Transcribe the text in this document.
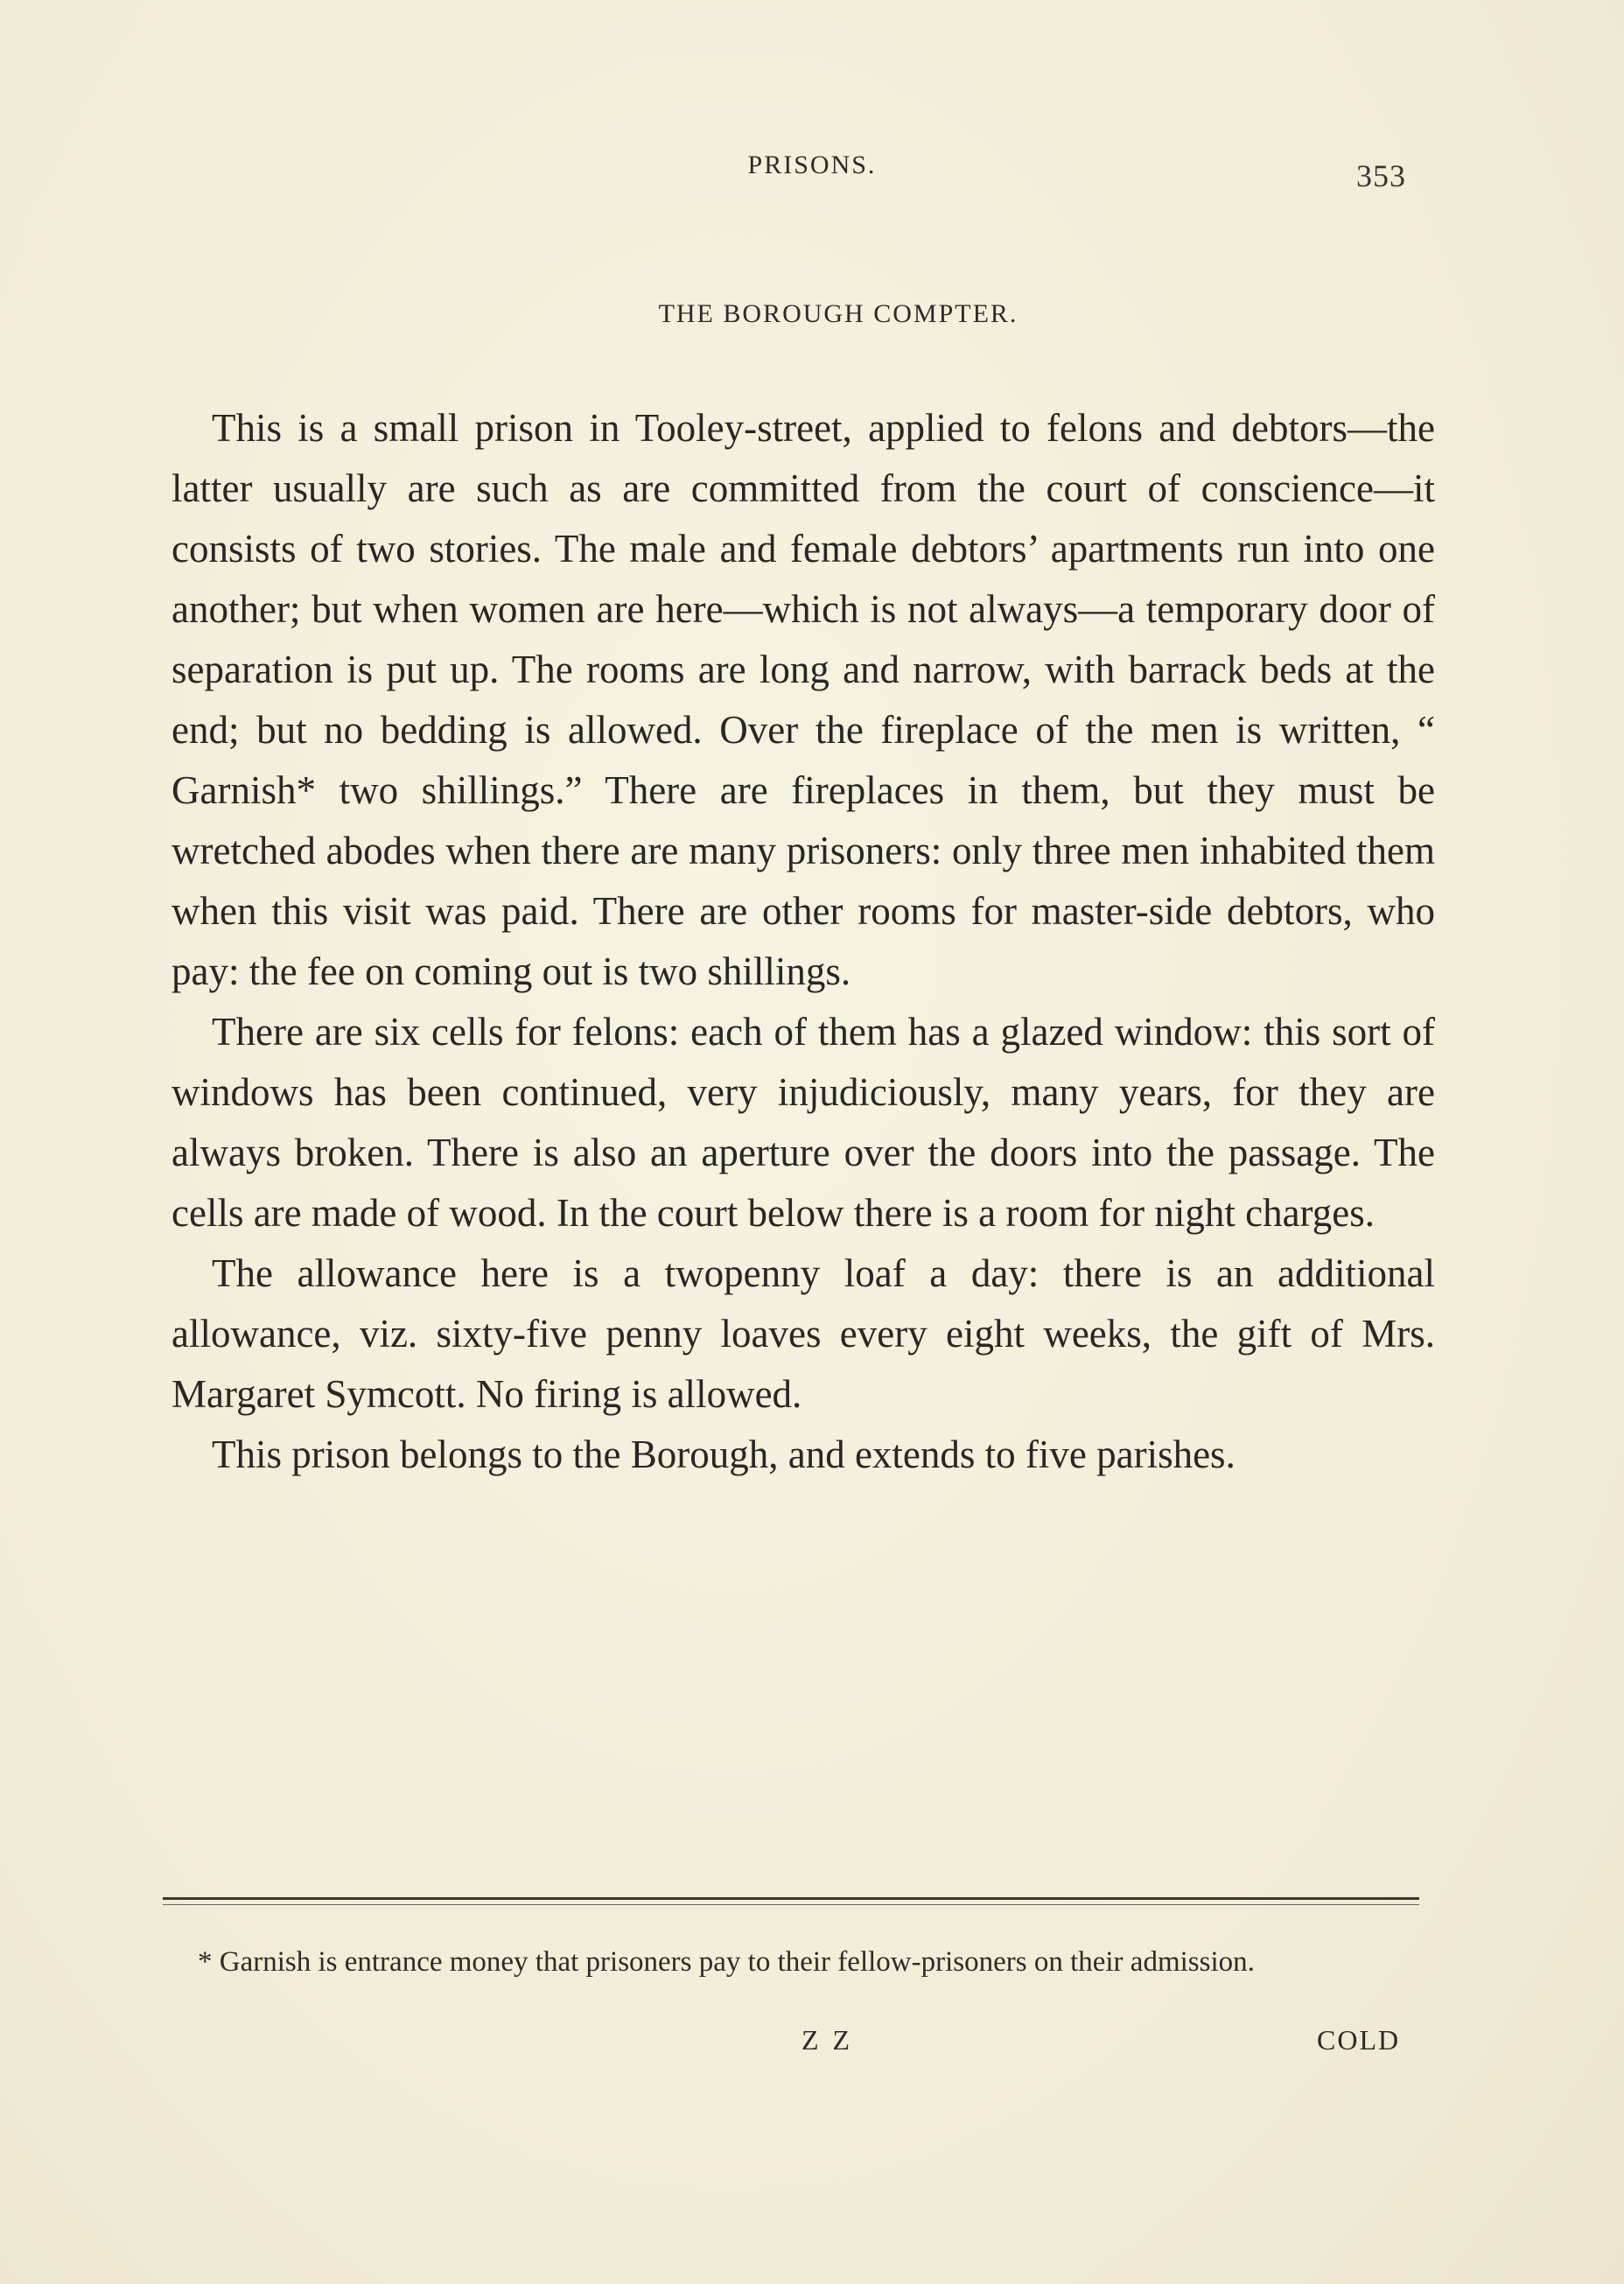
PRISONS.	353
THE BOROUGH COMPTER.

This is a small prison in Tooley-street, applied to felons and debtors—the latter usually are such as are committed from the court of conscience—it consists of two stories. The male and female debtors’ apartments run into one another; but when women are here—which is not always—a temporary door of separation is put up. The rooms are long and narrow, with barrack beds at the end; but no bedding is allowed. Over the fireplace of the men is written, “ Garnish* two shillings.” There are fireplaces in them, but they must be wretched abodes when there are many prisoners: only three men inhabited them when this visit was paid. There are other rooms for master-side debtors, who pay: the fee on coming out is two shillings.

There are six cells for felons: each of them has a glazed window: this sort of windows has been continued, very injudiciously, many years, for they are always broken. There is also an aperture over the doors into the passage. The cells are made of wood. In the court below there is a room for night charges.

The allowance here is a twopenny loaf a day: there is an additional allowance, viz. sixty-five penny loaves every eight weeks, the gift of Mrs. Margaret Symcott. No firing is allowed.

This prison belongs to the Borough, and extends to five parishes.

* Garnish is entrance money that prisoners pay to their fellow-prisoners on their admission.
Z Z	COLD
